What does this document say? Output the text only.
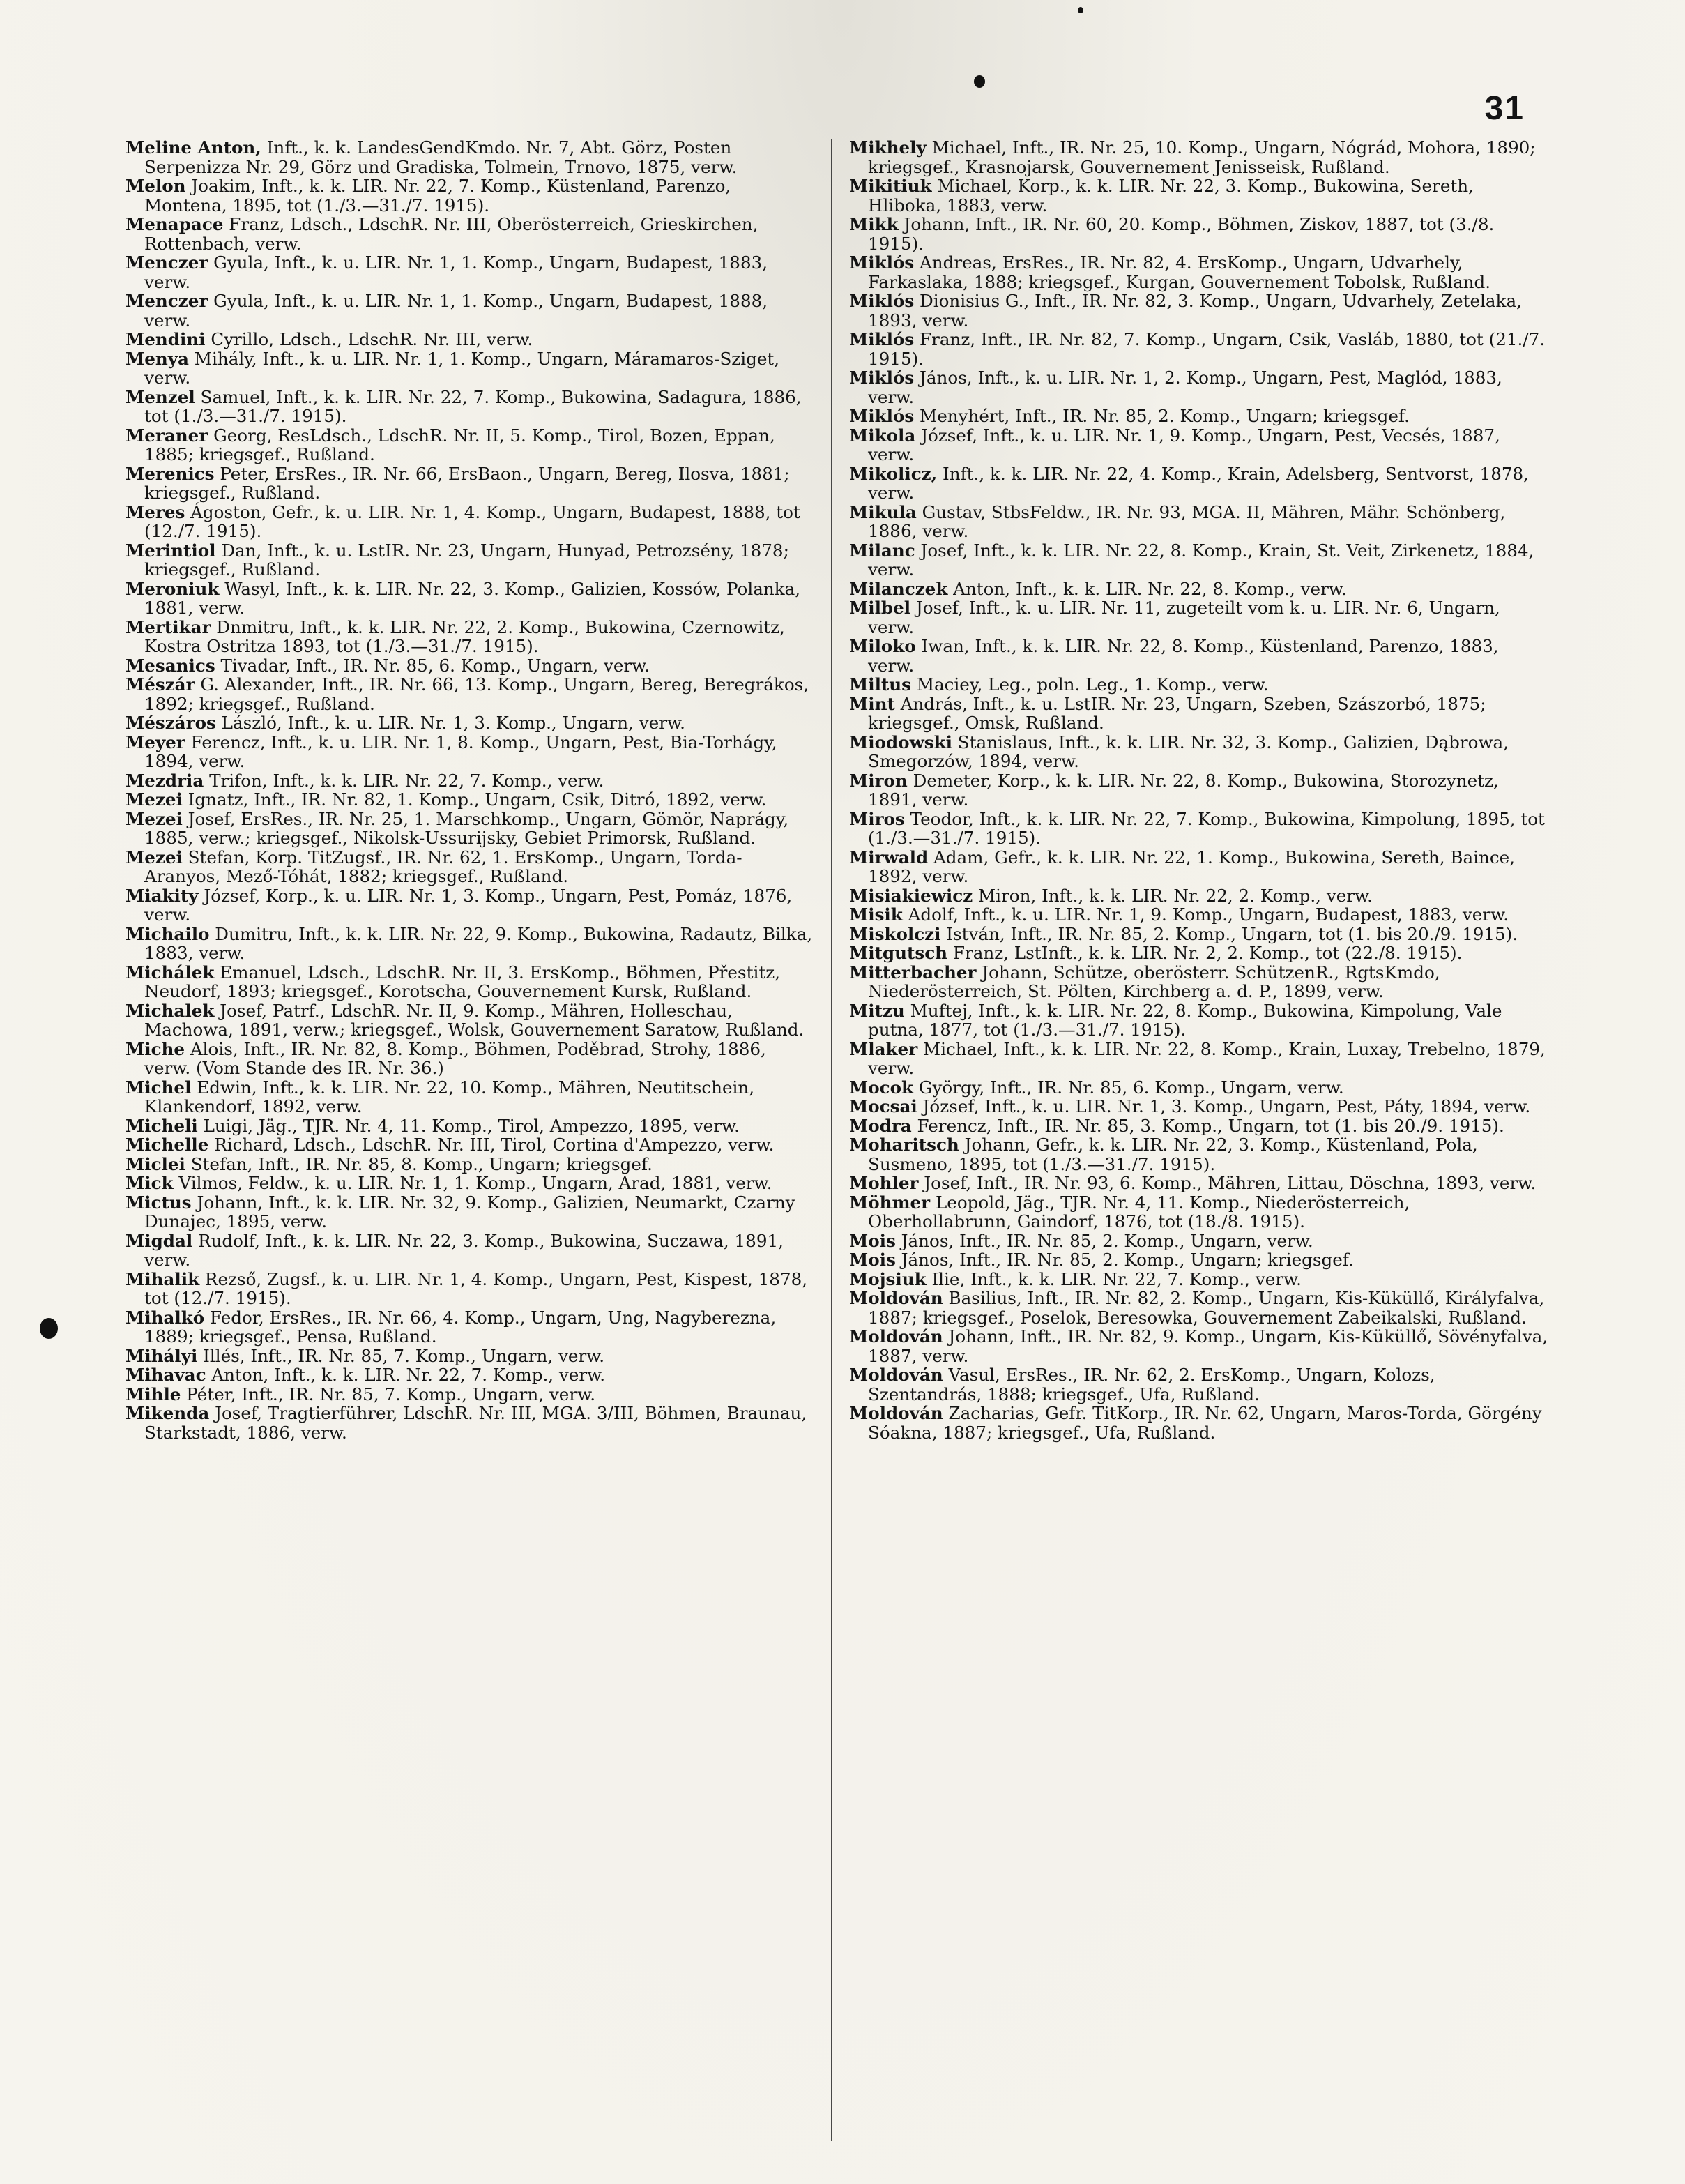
31
Meline Anton, Inft., k. k. LandesGendKmdo. Nr. 7, Abt. Görz, Posten Serpenizza Nr. 29, Görz und Gradiska, Tolmein, Trnovo, 1875, verw.
Melon Joakim, Inft., k. k. LIR. Nr. 22, 7. Komp., Küstenland, Parenzo, Montena, 1895, tot (1./3.—31./7. 1915).
Menapace Franz, Ldsch., LdschR. Nr. III, Oberösterreich, Grieskirchen, Rottenbach, verw.
Menczer Gyula, Inft., k. u. LIR. Nr. 1, 1. Komp., Ungarn, Budapest, 1883, verw.
Menczer Gyula, Inft., k. u. LIR. Nr. 1, 1. Komp., Ungarn, Budapest, 1888, verw.
Mendini Cyrillo, Ldsch., LdschR. Nr. III, verw.
Menya Mihály, Inft., k. u. LIR. Nr. 1, 1. Komp., Ungarn, Máramaros-Sziget, verw.
Menzel Samuel, Inft., k. k. LIR. Nr. 22, 7. Komp., Bukowina, Sadagura, 1886, tot (1./3.—31./7. 1915).
Meraner Georg, ResLdsch., LdschR. Nr. II, 5. Komp., Tirol, Bozen, Eppan, 1885; kriegsgef., Rußland.
Merenics Peter, ErsRes., IR. Nr. 66, ErsBaon., Ungarn, Bereg, Ilosva, 1881; kriegsgef., Rußland.
Meres Ágoston, Gefr., k. u. LIR. Nr. 1, 4. Komp., Ungarn, Budapest, 1888, tot (12./7. 1915).
Merintiol Dan, Inft., k. u. LstIR. Nr. 23, Ungarn, Hunyad, Petrozsény, 1878; kriegsgef., Rußland.
Meroniuk Wasyl, Inft., k. k. LIR. Nr. 22, 3. Komp., Galizien, Kossów, Polanka, 1881, verw.
Mertikar Dnmitru, Inft., k. k. LIR. Nr. 22, 2. Komp., Bukowina, Czernowitz, Kostra Ostritza 1893, tot (1./3.—31./7. 1915).
Mesanics Tivadar, Inft., IR. Nr. 85, 6. Komp., Ungarn, verw.
Mészár G. Alexander, Inft., IR. Nr. 66, 13. Komp., Ungarn, Bereg, Beregrákos, 1892; kriegsgef., Rußland.
Mészáros László, Inft., k. u. LIR. Nr. 1, 3. Komp., Ungarn, verw.
Meyer Ferencz, Inft., k. u. LIR. Nr. 1, 8. Komp., Ungarn, Pest, Bia-Torhágy, 1894, verw.
Mezdria Trifon, Inft., k. k. LIR. Nr. 22, 7. Komp., verw.
Mezei Ignatz, Inft., IR. Nr. 82, 1. Komp., Ungarn, Csik, Ditró, 1892, verw.
Mezei Josef, ErsRes., IR. Nr. 25, 1. Marschkomp., Ungarn, Gömör, Naprágy, 1885, verw.; kriegsgef., Nikolsk-Ussurijsky, Gebiet Primorsk, Rußland.
Mezei Stefan, Korp. TitZugsf., IR. Nr. 62, 1. ErsKomp., Ungarn, Torda-Aranyos, Mező-Tóhát, 1882; kriegsgef., Rußland.
Miakity József, Korp., k. u. LIR. Nr. 1, 3. Komp., Ungarn, Pest, Pomáz, 1876, verw.
Michailo Dumitru, Inft., k. k. LIR. Nr. 22, 9. Komp., Bukowina, Radautz, Bilka, 1883, verw.
Michálek Emanuel, Ldsch., LdschR. Nr. II, 3. ErsKomp., Böhmen, Přestitz, Neudorf, 1893; kriegsgef., Korotscha, Gouvernement Kursk, Rußland.
Michalek Josef, Patrf., LdschR. Nr. II, 9. Komp., Mähren, Holleschau, Machowa, 1891, verw.; kriegsgef., Wolsk, Gouvernement Saratow, Rußland.
Miche Alois, Inft., IR. Nr. 82, 8. Komp., Böhmen, Poděbrad, Strohy, 1886, verw. (Vom Stande des IR. Nr. 36.)
Michel Edwin, Inft., k. k. LIR. Nr. 22, 10. Komp., Mähren, Neutitschein, Klankendorf, 1892, verw.
Micheli Luigi, Jäg., TJR. Nr. 4, 11. Komp., Tirol, Ampezzo, 1895, verw.
Michelle Richard, Ldsch., LdschR. Nr. III, Tirol, Cortina d'Ampezzo, verw.
Miclei Stefan, Inft., IR. Nr. 85, 8. Komp., Ungarn; kriegsgef.
Mick Vilmos, Feldw., k. u. LIR. Nr. 1, 1. Komp., Ungarn, Arad, 1881, verw.
Mictus Johann, Inft., k. k. LIR. Nr. 32, 9. Komp., Galizien, Neumarkt, Czarny Dunajec, 1895, verw.
Migdal Rudolf, Inft., k. k. LIR. Nr. 22, 3. Komp., Bukowina, Suczawa, 1891, verw.
Mihalik Rezső, Zugsf., k. u. LIR. Nr. 1, 4. Komp., Ungarn, Pest, Kispest, 1878, tot (12./7. 1915).
Mihalkó Fedor, ErsRes., IR. Nr. 66, 4. Komp., Ungarn, Ung, Nagyberezna, 1889; kriegsgef., Pensa, Rußland.
Mihályi Illés, Inft., IR. Nr. 85, 7. Komp., Ungarn, verw.
Mihavac Anton, Inft., k. k. LIR. Nr. 22, 7. Komp., verw.
Mihle Péter, Inft., IR. Nr. 85, 7. Komp., Ungarn, verw.
Mikenda Josef, Tragtierführer, LdschR. Nr. III, MGA. 3/III, Böhmen, Braunau, Starkstadt, 1886, verw.
Mikhely Michael, Inft., IR. Nr. 25, 10. Komp., Ungarn, Nógrád, Mohora, 1890; kriegsgef., Krasnojarsk, Gouvernement Jenisseisk, Rußland.
Mikitiuk Michael, Korp., k. k. LIR. Nr. 22, 3. Komp., Bukowina, Sereth, Hliboka, 1883, verw.
Mikk Johann, Inft., IR. Nr. 60, 20. Komp., Böhmen, Ziskov, 1887, tot (3./8. 1915).
Miklós Andreas, ErsRes., IR. Nr. 82, 4. ErsKomp., Ungarn, Udvarhely, Farkaslaka, 1888; kriegsgef., Kurgan, Gouvernement Tobolsk, Rußland.
Miklós Dionisius G., Inft., IR. Nr. 82, 3. Komp., Ungarn, Udvarhely, Zetelaka, 1893, verw.
Miklós Franz, Inft., IR. Nr. 82, 7. Komp., Ungarn, Csik, Vasláb, 1880, tot (21./7. 1915).
Miklós János, Inft., k. u. LIR. Nr. 1, 2. Komp., Ungarn, Pest, Maglód, 1883, verw.
Miklós Menyhért, Inft., IR. Nr. 85, 2. Komp., Ungarn; kriegsgef.
Mikola József, Inft., k. u. LIR. Nr. 1, 9. Komp., Ungarn, Pest, Vecsés, 1887, verw.
Mikolicz, Inft., k. k. LIR. Nr. 22, 4. Komp., Krain, Adelsberg, Sentvorst, 1878, verw.
Mikula Gustav, StbsFeldw., IR. Nr. 93, MGA. II, Mähren, Mähr. Schönberg, 1886, verw.
Milanc Josef, Inft., k. k. LIR. Nr. 22, 8. Komp., Krain, St. Veit, Zirkenetz, 1884, verw.
Milanczek Anton, Inft., k. k. LIR. Nr. 22, 8. Komp., verw.
Milbel Josef, Inft., k. u. LIR. Nr. 11, zugeteilt vom k. u. LIR. Nr. 6, Ungarn, verw.
Miloko Iwan, Inft., k. k. LIR. Nr. 22, 8. Komp., Küstenland, Parenzo, 1883, verw.
Miltus Maciey, Leg., poln. Leg., 1. Komp., verw.
Mint András, Inft., k. u. LstIR. Nr. 23, Ungarn, Szeben, Szászorbó, 1875; kriegsgef., Omsk, Rußland.
Miodowski Stanislaus, Inft., k. k. LIR. Nr. 32, 3. Komp., Galizien, Dąbrowa, Smegorzów, 1894, verw.
Miron Demeter, Korp., k. k. LIR. Nr. 22, 8. Komp., Bukowina, Storozynetz, 1891, verw.
Miros Teodor, Inft., k. k. LIR. Nr. 22, 7. Komp., Bukowina, Kimpolung, 1895, tot (1./3.—31./7. 1915).
Mirwald Adam, Gefr., k. k. LIR. Nr. 22, 1. Komp., Bukowina, Sereth, Baince, 1892, verw.
Misiakiewicz Miron, Inft., k. k. LIR. Nr. 22, 2. Komp., verw.
Misik Adolf, Inft., k. u. LIR. Nr. 1, 9. Komp., Ungarn, Budapest, 1883, verw.
Miskolczi István, Inft., IR. Nr. 85, 2. Komp., Ungarn, tot (1. bis 20./9. 1915).
Mitgutsch Franz, LstInft., k. k. LIR. Nr. 2, 2. Komp., tot (22./8. 1915).
Mitterbacher Johann, Schütze, oberösterr. SchützenR., RgtsKmdo, Niederösterreich, St. Pölten, Kirchberg a. d. P., 1899, verw.
Mitzu Muftej, Inft., k. k. LIR. Nr. 22, 8. Komp., Bukowina, Kimpolung, Vale putna, 1877, tot (1./3.—31./7. 1915).
Mlaker Michael, Inft., k. k. LIR. Nr. 22, 8. Komp., Krain, Luxay, Trebelno, 1879, verw.
Mocok György, Inft., IR. Nr. 85, 6. Komp., Ungarn, verw.
Mocsai József, Inft., k. u. LIR. Nr. 1, 3. Komp., Ungarn, Pest, Páty, 1894, verw.
Modra Ferencz, Inft., IR. Nr. 85, 3. Komp., Ungarn, tot (1. bis 20./9. 1915).
Moharitsch Johann, Gefr., k. k. LIR. Nr. 22, 3. Komp., Küstenland, Pola, Susmeno, 1895, tot (1./3.—31./7. 1915).
Mohler Josef, Inft., IR. Nr. 93, 6. Komp., Mähren, Littau, Döschna, 1893, verw.
Möhmer Leopold, Jäg., TJR. Nr. 4, 11. Komp., Niederösterreich, Oberhollabrunn, Gaindorf, 1876, tot (18./8. 1915).
Mois János, Inft., IR. Nr. 85, 2. Komp., Ungarn, verw.
Mois János, Inft., IR. Nr. 85, 2. Komp., Ungarn; kriegsgef.
Mojsiuk Ilie, Inft., k. k. LIR. Nr. 22, 7. Komp., verw.
Moldován Basilius, Inft., IR. Nr. 82, 2. Komp., Ungarn, Kis-Küküllő, Királyfalva, 1887; kriegsgef., Poselok, Beresowka, Gouvernement Zabeikalski, Rußland.
Moldován Johann, Inft., IR. Nr. 82, 9. Komp., Ungarn, Kis-Küküllő, Sövényfalva, 1887, verw.
Moldován Vasul, ErsRes., IR. Nr. 62, 2. ErsKomp., Ungarn, Kolozs, Szentandrás, 1888; kriegsgef., Ufa, Rußland.
Moldován Zacharias, Gefr. TitKorp., IR. Nr. 62, Ungarn, Maros-Torda, Görgény Sóakna, 1887; kriegsgef., Ufa, Rußland.
